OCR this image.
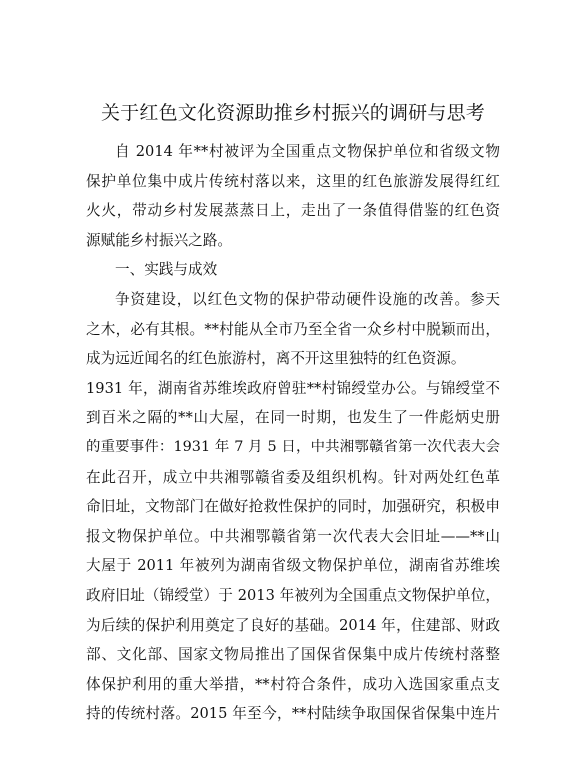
关于红色文化资源助推乡村振兴的调研与思考
自 2014 年**村被评为全国重点文物保护单位和省级文物
保护单位集中成片传统村落以来，这里的红色旅游发展得红红
火火，带动乡村发展蒸蒸日上，走出了一条值得借鉴的红色资
源赋能乡村振兴之路。
一、实践与成效
争资建设，以红色文物的保护带动硬件设施的改善。参天
之木，必有其根。**村能从全市乃至全省一众乡村中脱颖而出，
成为远近闻名的红色旅游村，离不开这里独特的红色资源。
1931 年，湖南省苏维埃政府曾驻**村锦绶堂办公。与锦绶堂不
到百米之隔的**山大屋，在同一时期，也发生了一件彪炳史册
的重要事件：1931 年 7 月 5 日，中共湘鄂赣省第一次代表大会
在此召开，成立中共湘鄂赣省委及组织机构。针对两处红色革
命旧址，文物部门在做好抢救性保护的同时，加强研究，积极申
报文物保护单位。中共湘鄂赣省第一次代表大会旧址——**山
大屋于 2011 年被列为湖南省级文物保护单位，湖南省苏维埃
政府旧址（锦绶堂）于 2013 年被列为全国重点文物保护单位，
为后续的保护利用奠定了良好的基础。2014 年，住建部、财政
部、文化部、国家文物局推出了国保省保集中成片传统村落整
体保护利用的重大举措，**村符合条件，成功入选国家重点支
持的传统村落。2015 年至今，**村陆续争取国保省保集中连片
